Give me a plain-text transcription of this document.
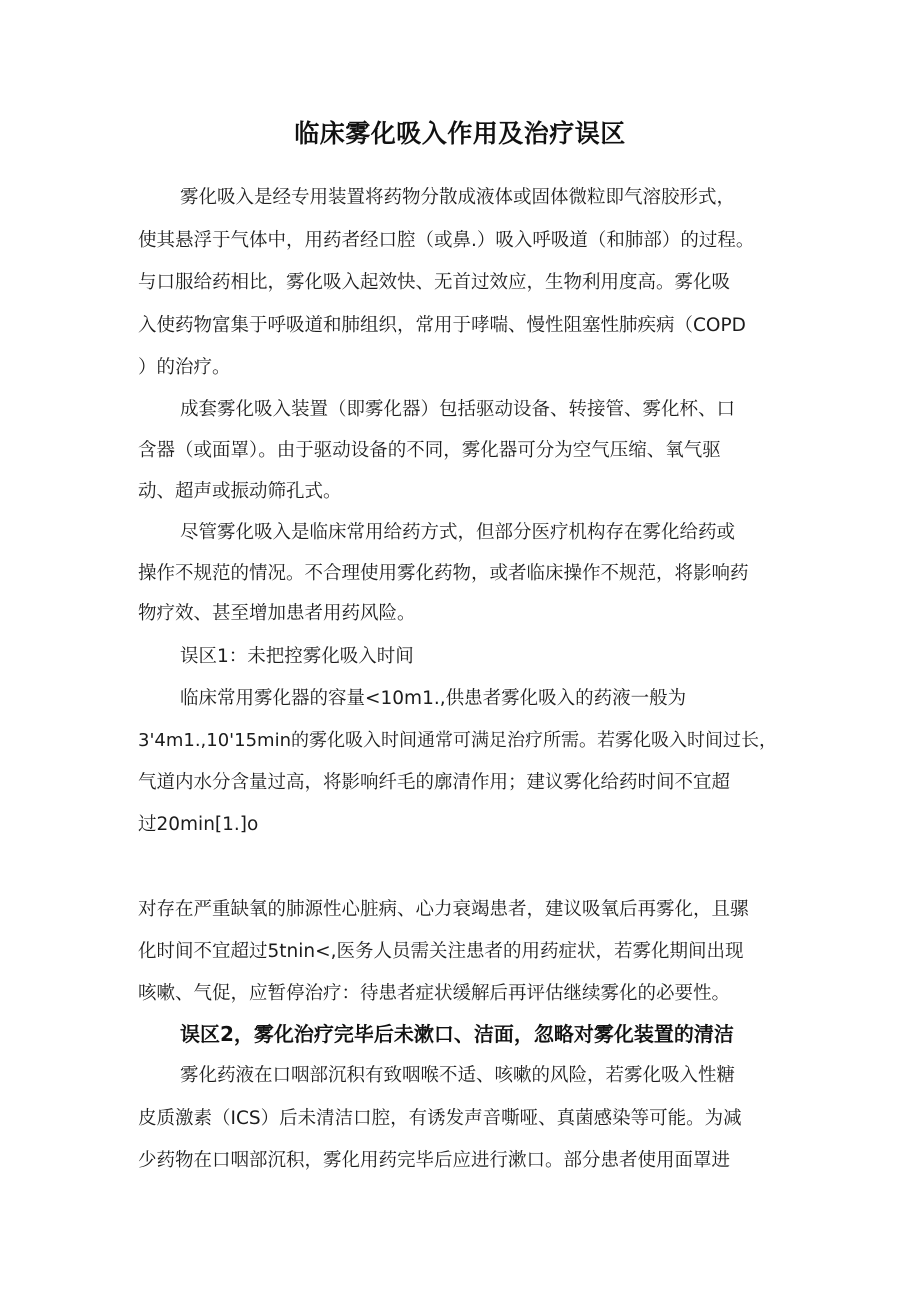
临床雾化吸入作用及治疗误区

雾化吸入是经专用装置将药物分散成液体或固体微粒即气溶胶形式，

使其悬浮于气体中，用药者经口腔（或鼻.）吸入呼吸道（和肺部）的过程。

与口服给药相比，雾化吸入起效快、无首过效应，生物利用度高。雾化吸

入使药物富集于呼吸道和肺组织，常用于哮喘、慢性阻塞性肺疾病（COPD

）的治疗。

成套雾化吸入装置（即雾化器）包括驱动设备、转接管、雾化杯、口

含器（或面罩）。由于驱动设备的不同，雾化器可分为空气压缩、氧气驱

动、超声或振动筛孔式。

尽管雾化吸入是临床常用给药方式，但部分医疗机构存在雾化给药或

操作不规范的情况。不合理使用雾化药物，或者临床操作不规范，将影响药

物疗效、甚至增加患者用药风险。

误区1：未把控雾化吸入时间

临床常用雾化器的容量<10m1.,供患者雾化吸入的药液一般为

3'4m1.,10'15min的雾化吸入时间通常可满足治疗所需。若雾化吸入时间过长，

气道内水分含量过高，将影响纤毛的廓清作用；建议雾化给药时间不宜超

过20min[1.]o

对存在严重缺氧的肺源性心脏病、心力衰竭患者，建议吸氧后再雾化，且骡

化时间不宜超过5tnin<,医务人员需关注患者的用药症状，若雾化期间出现

咳嗽、气促，应暂停治疗：待患者症状缓解后再评估继续雾化的必要性。

误区2，雾化治疗完毕后未漱口、洁面，忽略对雾化装置的清洁

雾化药液在口咽部沉积有致咽喉不适、咳嗽的风险，若雾化吸入性糖

皮质激素（ICS）后未清洁口腔，有诱发声音嘶哑、真菌感染等可能。为减

少药物在口咽部沉积，雾化用药完毕后应进行漱口。部分患者使用面罩进
